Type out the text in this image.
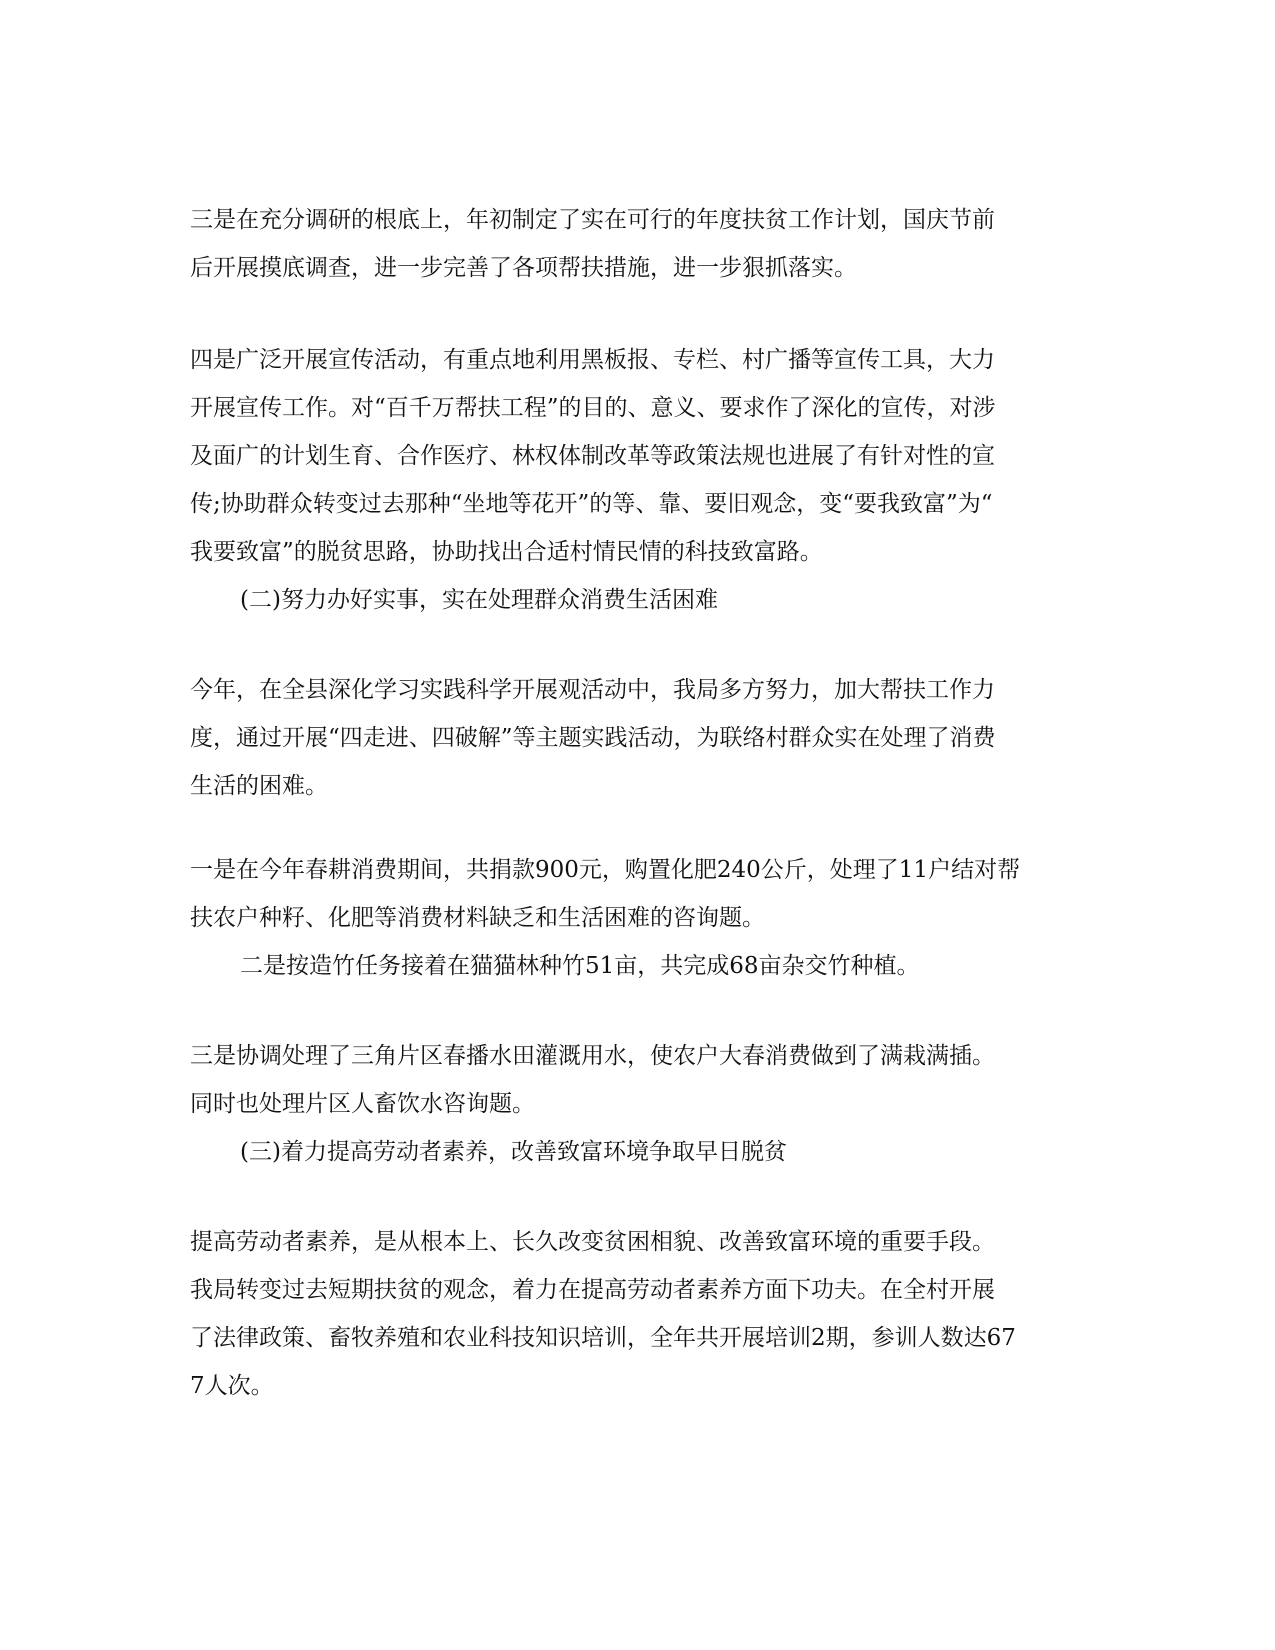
三是在充分调研的根底上，年初制定了实在可行的年度扶贫工作计划，国庆节前
后开展摸底调查，进一步完善了各项帮扶措施，进一步狠抓落实。
四是广泛开展宣传活动，有重点地利用黑板报、专栏、村广播等宣传工具，大力
开展宣传工作。对“百千万帮扶工程”的目的、意义、要求作了深化的宣传，对涉
及面广的计划生育、合作医疗、林权体制改革等政策法规也进展了有针对性的宣
传;协助群众转变过去那种“坐地等花开”的等、靠、要旧观念，变“要我致富”为“
我要致富”的脱贫思路，协助找出合适村情民情的科技致富路。
(二)努力办好实事，实在处理群众消费生活困难
今年，在全县深化学习实践科学开展观活动中，我局多方努力，加大帮扶工作力
度，通过开展“四走进、四破解”等主题实践活动，为联络村群众实在处理了消费
生活的困难。
一是在今年春耕消费期间，共捐款900元，购置化肥240公斤，处理了11户结对帮
扶农户种籽、化肥等消费材料缺乏和生活困难的咨询题。
二是按造竹任务接着在猫猫林种竹51亩，共完成68亩杂交竹种植。
三是协调处理了三角片区春播水田灌溉用水，使农户大春消费做到了满栽满插。
同时也处理片区人畜饮水咨询题。
(三)着力提高劳动者素养，改善致富环境争取早日脱贫
提高劳动者素养，是从根本上、长久改变贫困相貌、改善致富环境的重要手段。
我局转变过去短期扶贫的观念，着力在提高劳动者素养方面下功夫。在全村开展
了法律政策、畜牧养殖和农业科技知识培训，全年共开展培训2期，参训人数达67
7人次。
